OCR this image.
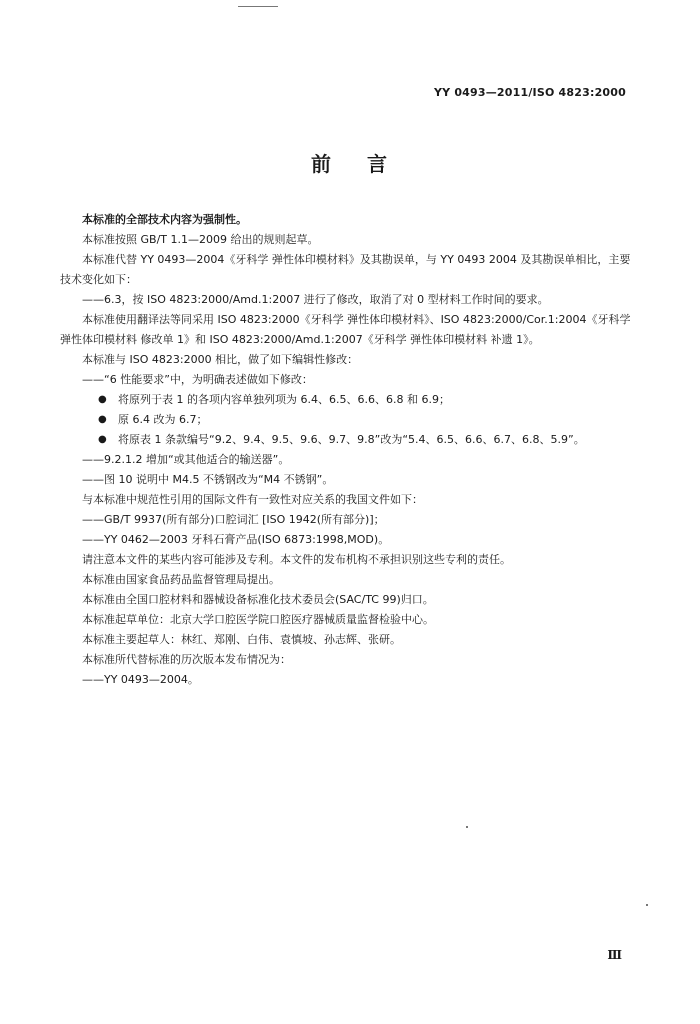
YY 0493—2011/ISO 4823:2000
前 言

本标准的全部技术内容为强制性。

本标准按照 GB/T 1.1—2009 给出的规则起草。

本标准代替 YY 0493—2004《牙科学 弹性体印模材料》及其勘误单，与 YY 0493 2004 及其勘误单相比，主要技术变化如下：

——6.3，按 ISO 4823:2000/Amd.1:2007 进行了修改，取消了对 0 型材料工作时间的要求。

本标准使用翻译法等同采用 ISO 4823:2000《牙科学 弹性体印模材料》、ISO 4823:2000/Cor.1:2004《牙科学 弹性体印模材料 修改单 1》和 ISO 4823:2000/Amd.1:2007《牙科学 弹性体印模材料 补遗 1》。

本标准与 ISO 4823:2000 相比，做了如下编辑性修改：

——“6 性能要求”中，为明确表述做如下修改：

●	将原列于表 1 的各项内容单独列项为 6.4、6.5、6.6、6.8 和 6.9；
●	原 6.4 改为 6.7；
●	将原表 1 条款编号“9.2、9.4、9.5、9.6、9.7、9.8”改为“5.4、6.5、6.6、6.7、6.8、5.9”。

——9.2.1.2 增加“或其他适合的输送器”。

——图 10 说明中 M4.5 不锈钢改为“M4 不锈钢”。

与本标准中规范性引用的国际文件有一致性对应关系的我国文件如下：

——GB/T 9937(所有部分)口腔词汇 [ISO 1942(所有部分)]；

——YY 0462—2003 牙科石膏产品(ISO 6873:1998,MOD)。

请注意本文件的某些内容可能涉及专利。本文件的发布机构不承担识别这些专利的责任。

本标准由国家食品药品监督管理局提出。

本标准由全国口腔材料和器械设备标准化技术委员会(SAC/TC 99)归口。

本标准起草单位：北京大学口腔医学院口腔医疗器械质量监督检验中心。

本标准主要起草人：林红、郑刚、白伟、袁慎坡、孙志辉、张研。

本标准所代替标准的历次版本发布情况为：

——YY 0493—2004。

Ⅲ
